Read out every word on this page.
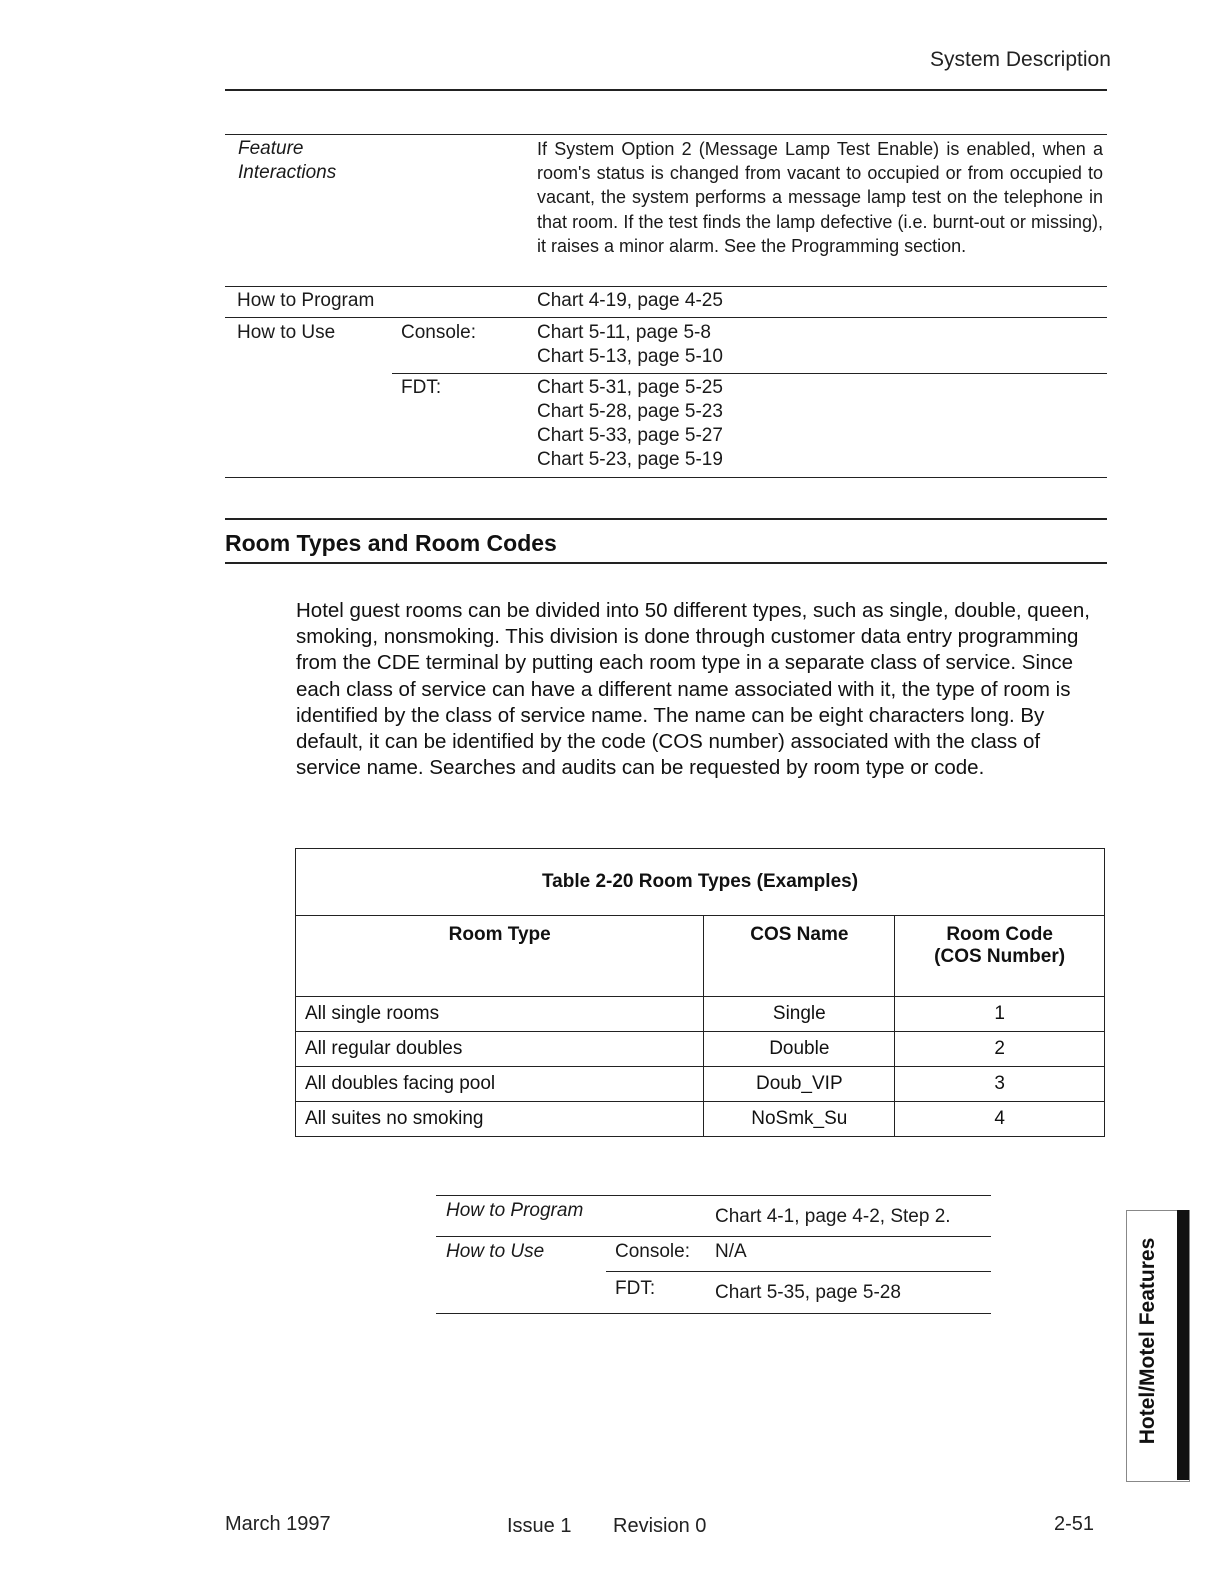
System Description
Feature
Interactions
If System Option 2 (Message Lamp Test Enable) is enabled, when a room's status is changed from vacant to occupied or from occupied to vacant, the system performs a message lamp test on the telephone in that room. If the test finds the lamp defective (i.e. burnt-out or missing), it raises a minor alarm. See the Programming section.
How to Program	Chart 4-19, page 4-25
How to Use	Console:	Chart 5-11, page 5-8
Chart 5-13, page 5-10
FDT:	Chart 5-31, page 5-25
Chart 5-28, page 5-23
Chart 5-33, page 5-27
Chart 5-23, page 5-19
Room Types and Room Codes
Hotel guest rooms can be divided into 50 different types, such as single, double, queen, smoking, nonsmoking. This division is done through customer data entry programming from the CDE terminal by putting each room type in a separate class of service. Since each class of service can have a different name associated with it, the type of room is identified by the class of service name. The name can be eight characters long. By default, it can be identified by the code (COS number) associated with the class of service name. Searches and audits can be requested by room type or code.
Table 2-20 Room Types (Examples)		
Room Type	COS Name	Room Code
(COS Number)

All single rooms	Single	1
All regular doubles	Double	2
All doubles facing pool	Doub_VIP	3
All suites no smoking	NoSmk_Su	4
How to Program	Chart 4-1, page 4-2, Step 2.
How to Use	Console: N/A
FDT:	Chart 5-35, page 5-28	Hotel/Motel Features
March 1997	Issue 1 Revision 0	2-51
